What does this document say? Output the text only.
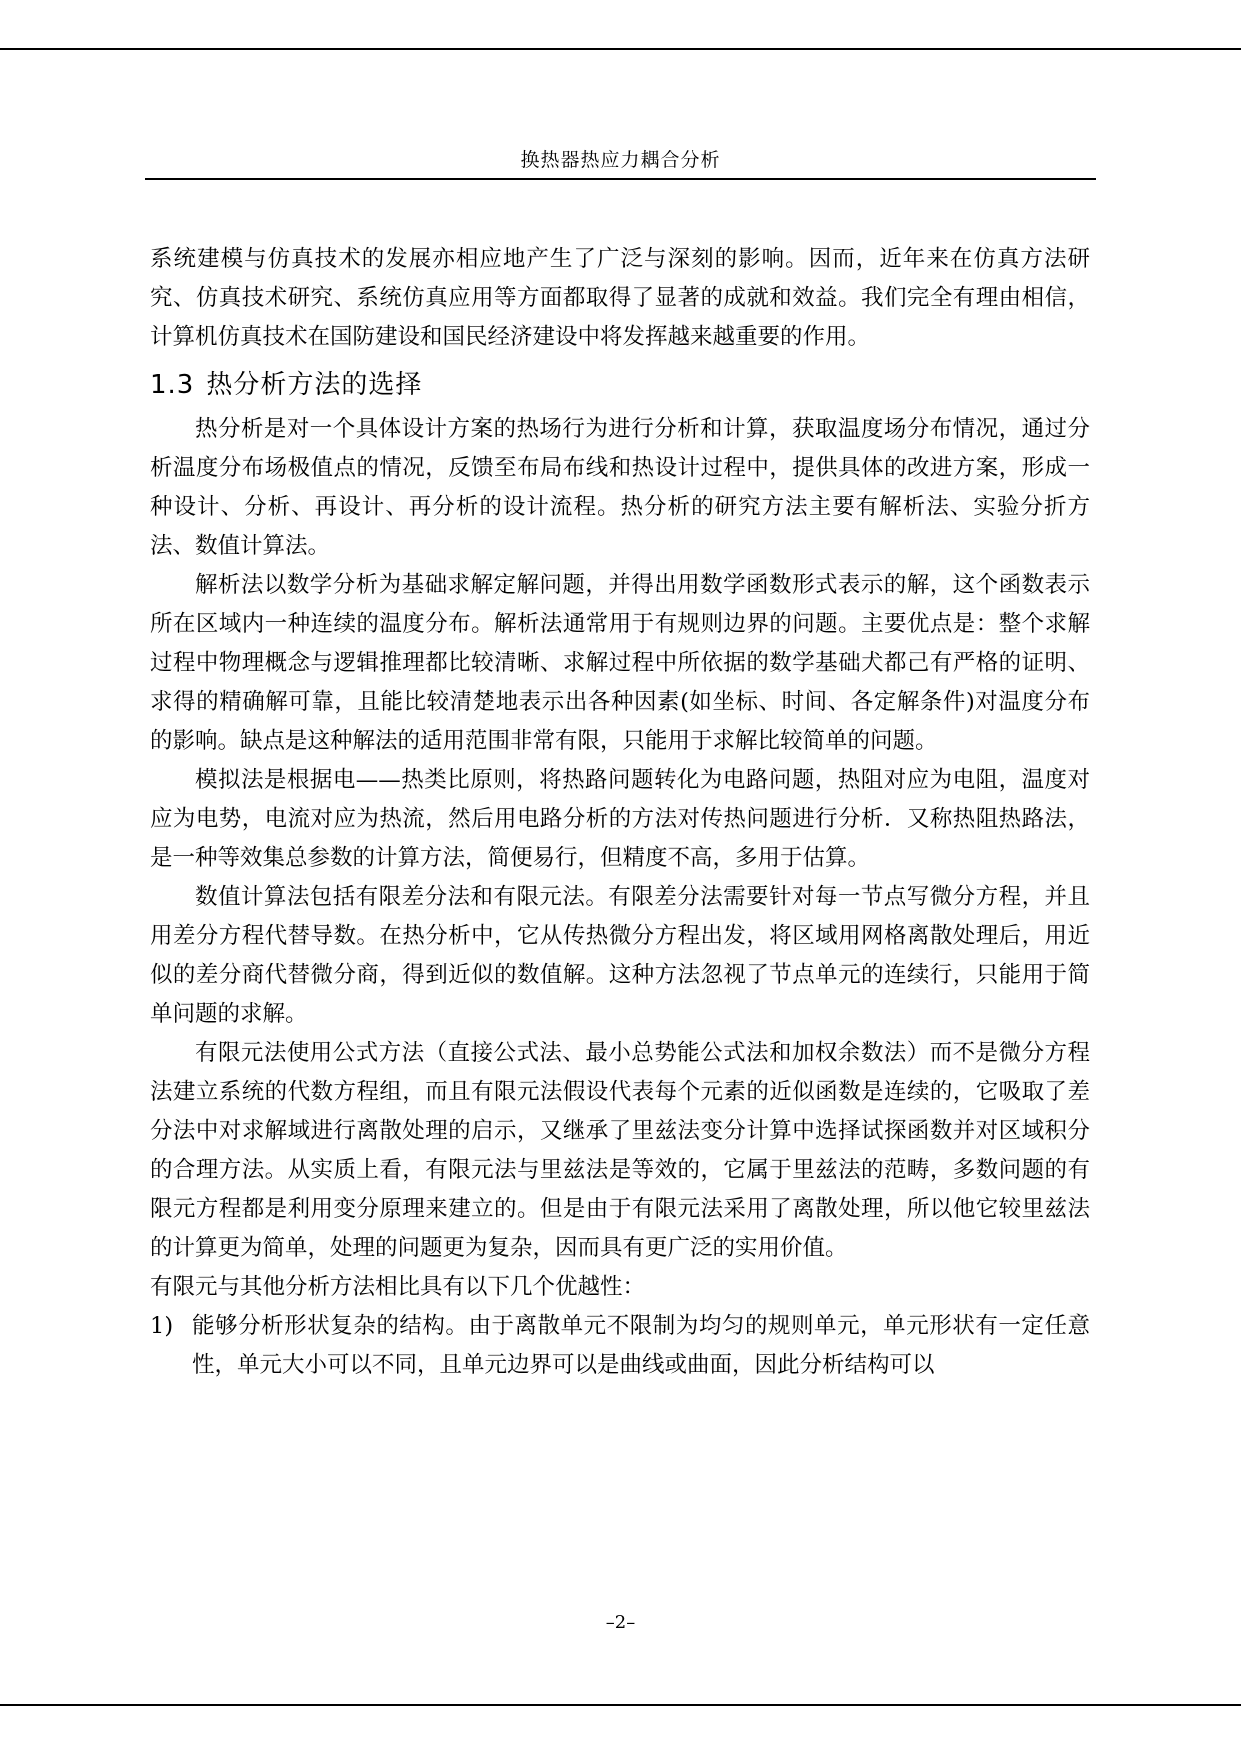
换热器热应力耦合分析

系统建模与仿真技术的发展亦相应地产生了广泛与深刻的影响。因而，近年来在仿真方法研究、仿真技术研究、系统仿真应用等方面都取得了显著的成就和效益。我们完全有理由相信，计算机仿真技术在国防建设和国民经济建设中将发挥越来越重要的作用。

1.3 热分析方法的选择

热分析是对一个具体设计方案的热场行为进行分析和计算，获取温度场分布情况，通过分析温度分布场极值点的情况，反馈至布局布线和热设计过程中，提供具体的改进方案，形成一种设计、分析、再设计、再分析的设计流程。热分析的研究方法主要有解析法、实验分折方法、数值计算法。

解析法以数学分析为基础求解定解问题，并得出用数学函数形式表示的解，这个函数表示所在区域内一种连续的温度分布。解析法通常用于有规则边界的问题。主要优点是：整个求解过程中物理概念与逻辑推理都比较清晰、求解过程中所依据的数学基础犬都己有严格的证明、求得的精确解可靠，且能比较清楚地表示出各种因素(如坐标、时间、各定解条件)对温度分布的影响。缺点是这种解法的适用范围非常有限，只能用于求解比较简单的问题。

模拟法是根据电——热类比原则，将热路问题转化为电路问题，热阻对应为电阻，温度对应为电势，电流对应为热流，然后用电路分析的方法对传热问题进行分析．又称热阻热路法，是一种等效集总参数的计算方法，简便易行，但精度不高，多用于估算。

数值计算法包括有限差分法和有限元法。有限差分法需要针对每一节点写微分方程，并且用差分方程代替导数。在热分析中，它从传热微分方程出发，将区域用网格离散处理后，用近似的差分商代替微分商，得到近似的数值解。这种方法忽视了节点单元的连续行，只能用于简单问题的求解。

有限元法使用公式方法（直接公式法、最小总势能公式法和加权余数法）而不是微分方程法建立系统的代数方程组，而且有限元法假设代表每个元素的近似函数是连续的，它吸取了差分法中对求解域进行离散处理的启示，又继承了里兹法变分计算中选择试探函数并对区域积分的合理方法。从实质上看，有限元法与里兹法是等效的，它属于里兹法的范畴，多数问题的有限元方程都是利用变分原理来建立的。但是由于有限元法采用了离散处理，所以他它较里兹法的计算更为简单，处理的问题更为复杂，因而具有更广泛的实用价值。

有限元与其他分析方法相比具有以下几个优越性：

1) 能够分析形状复杂的结构。由于离散单元不限制为均匀的规则单元，单元形状有一定任意性，单元大小可以不同，且单元边界可以是曲线或曲面，因此分析结构可以
–2–
